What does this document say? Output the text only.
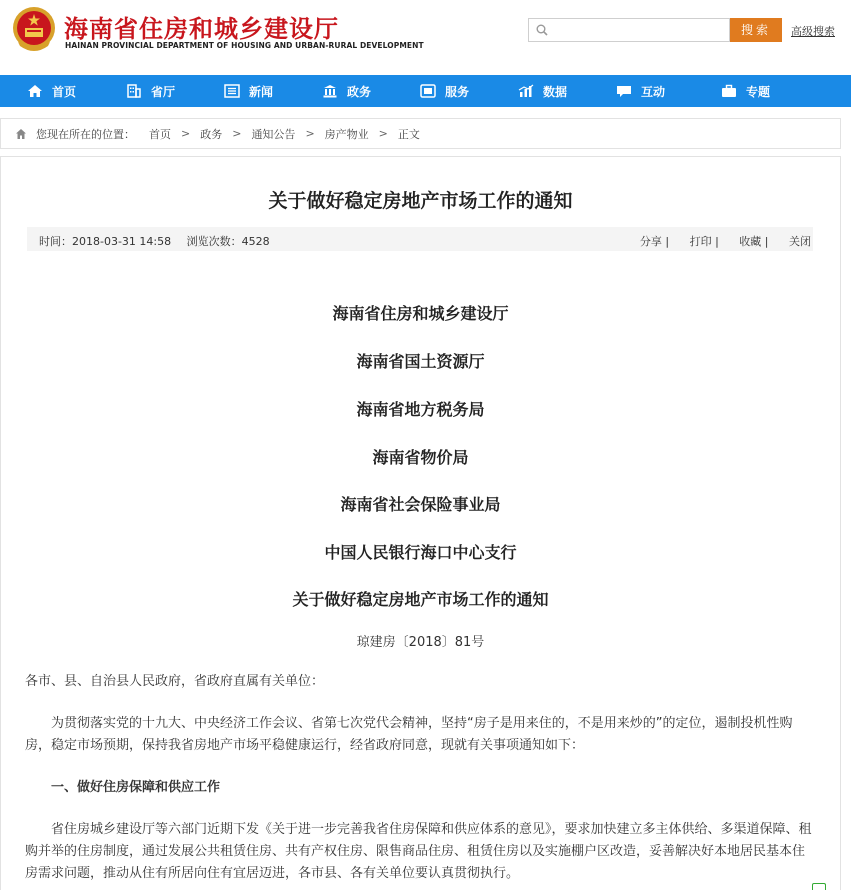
海南省住房和城乡建设厅
HAINAN PROVINCIAL DEPARTMENT OF HOUSING AND URBAN-RURAL DEVELOPMENT
搜索	高级搜索
首页	省厅	新闻	政务	服务	数据	互动	专题
您现在所在的位置： 首页 > 政务 > 通知公告 > 房产物业 > 正文
关于做好稳定房地产市场工作的通知
时间：2018-03-31 14:58 浏览次数：4528	分享 | 打印 | 收藏 | 关闭
海南省住房和城乡建设厅
海南省国土资源厅
海南省地方税务局
海南省物价局
海南省社会保险事业局
中国人民银行海口中心支行
关于做好稳定房地产市场工作的通知
琼建房〔2018〕81号
各市、县、自治县人民政府，省政府直属有关单位：
为贯彻落实党的十九大、中央经济工作会议、省第七次党代会精神，坚持“房子是用来住的，不是用来炒的”的定位，遏制投机性购房，稳定市场预期，保持我省房地产市场平稳健康运行，经省政府同意，现就有关事项通知如下：
一、做好住房保障和供应工作
省住房城乡建设厅等六部门近期下发《关于进一步完善我省住房保障和供应体系的意见》，要求加快建立多主体供给、多渠道保障、租购并举的住房制度，通过发展公共租赁住房、共有产权住房、限售商品住房、租赁住房以及实施棚户区改造，妥善解决好本地居民基本住房需求问题，推动从住有所居向住有宜居迈进，各市县、各有关单位要认真贯彻执行。
